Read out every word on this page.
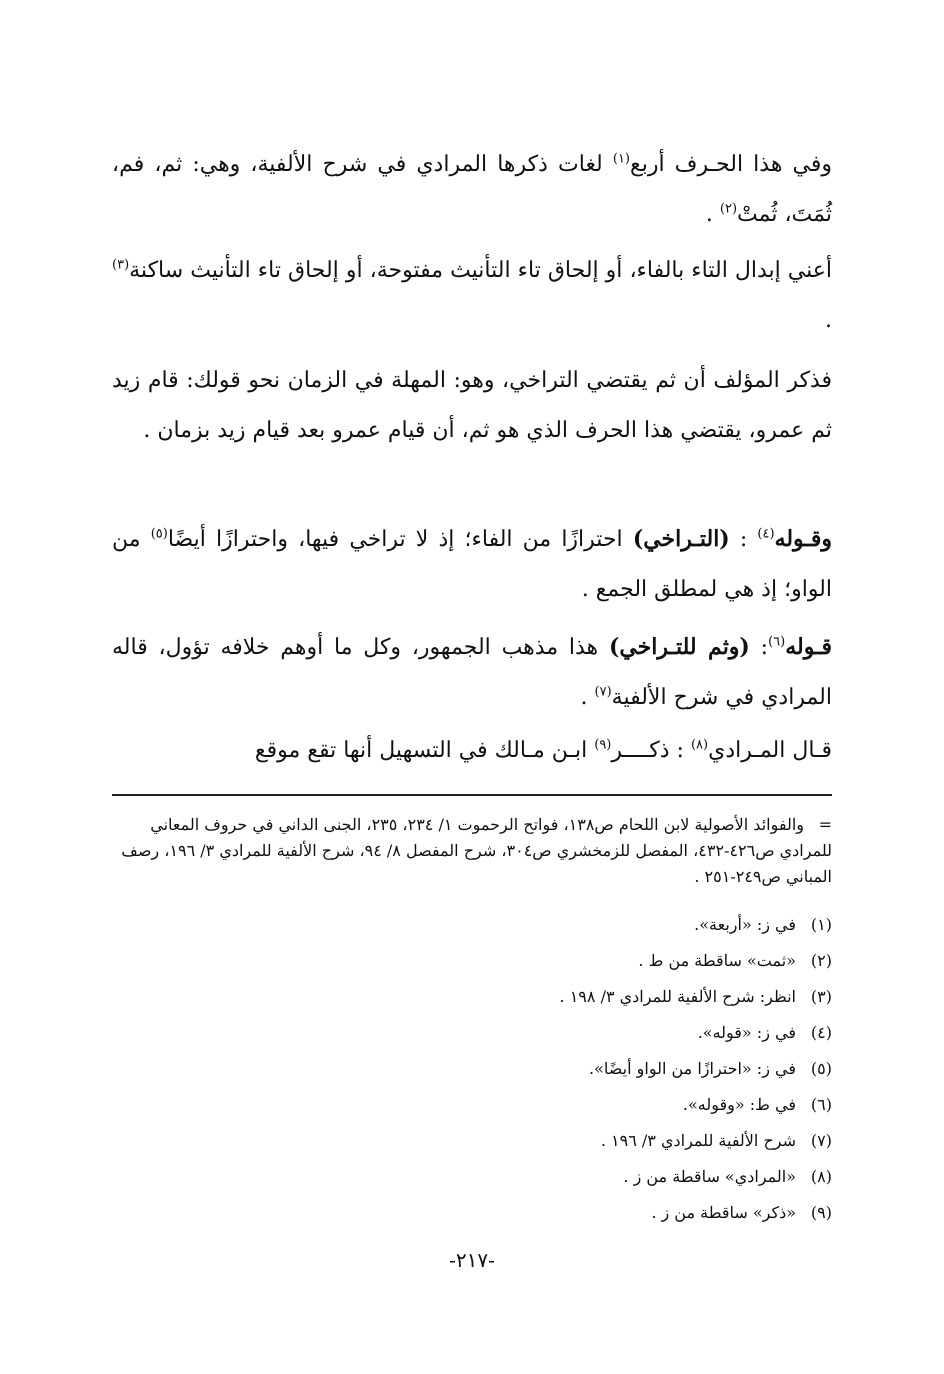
وفي هذا الحـرف أربع$^{(١)}$ لغات ذكرها المرادي في شرح الألفية، وهي: ثم، فم، ثُمَتَ، ثُمتْ$^{(٢)}$ .

أعني إبدال التاء بالفاء، أو إلحاق تاء التأنيث مفتوحة، أو إلحاق تاء التأنيث ساكنة$^{(٣)}$ .

فذكر المؤلف أن ثم يقتضي التراخي، وهو: المهلة في الزمان نحو قولك: قام زيد ثم عمرو، يقتضي هذا الحرف الذي هو ثم، أن قيام عمرو بعد قيام زيد بزمان .

وقـوله$^{(٤)}$ : (التـراخي) احترازًا من الفاء؛ إذ لا تراخي فيها، واحترازًا أيضًا$^{(٥)}$ من الواو؛ إذ هي لمطلق الجمع .

قـوله$^{(٦)}$: (وثم للتـراخي) هذا مذهب الجمهور، وكل ما أوهم خلافه تؤول، قاله المرادي في شرح الألفية$^{(٧)}$ .

قـال المـرادي$^{(٨)}$ : ذكــــر$^{(٩)}$ ابـن مـالك في التسهيل أنها تقع موقع

=والفوائد الأصولية لابن اللحام ص١٣٨، فواتح الرحموت ١/ ٢٣٤، ٢٣٥، الجنى الداني في حروف المعاني للمرادي ص٤٢٦-٤٣٢، المفصل للزمخشري ص٣٠٤، شرح المفصل ٨/ ٩٤، شرح الألفية للمرادي ٣/ ١٩٦، رصف المباني ص٢٤٩-٢٥١ .

(١)في ز: «أربعة».

(٢)«ثمت» ساقطة من ط .

(٣)انظر: شرح الألفية للمرادي ٣/ ١٩٨ .

(٤)في ز: «قوله».

(٥)في ز: «احترازًا من الواو أيضًا».

(٦)في ط: «وقوله».

(٧)شرح الألفية للمرادي ٣/ ١٩٦ .

(٨)«المرادي» ساقطة من ز .

(٩)«ذكر» ساقطة من ز .

-٢١٧-
